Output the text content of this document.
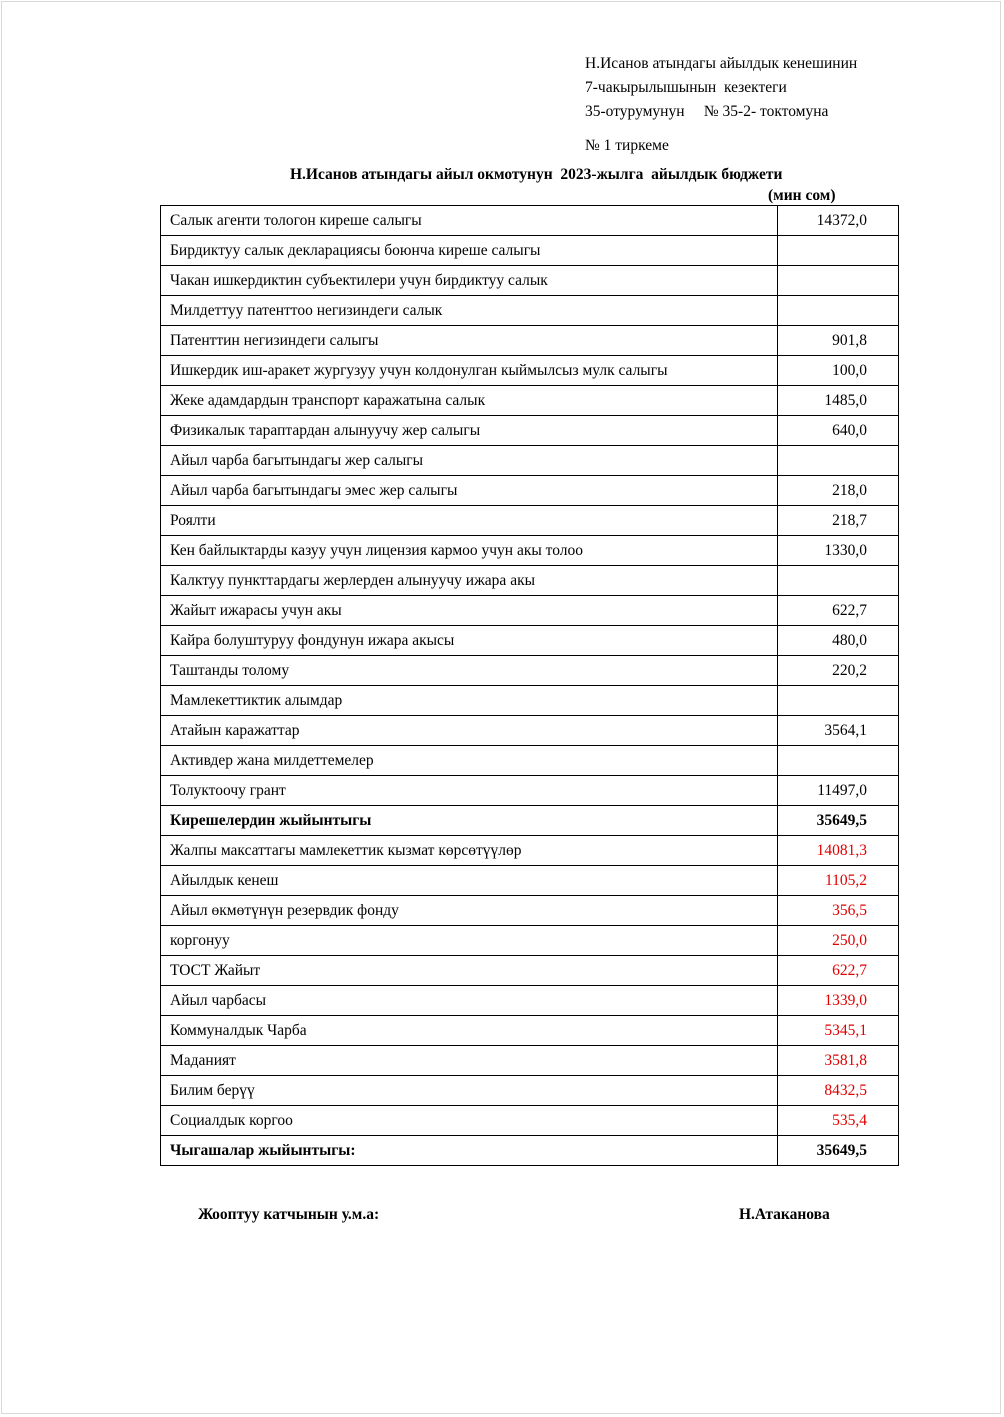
Н.Исанов атындагы айылдык кенешинин
7-чакырылышынын  кезектеги
35-отурумунун     № 35-2- токтомуна
№ 1 тиркеме
Н.Исанов атындагы айыл окмотунун  2023-жылга  айылдык бюджети
(мин сом)
Салык агенти тологон киреше салыгы	14372,0
Бирдиктуу салык декларациясы боюнча киреше салыгы	
Чакан ишкердиктин субъектилери учун бирдиктуу салык	
Милдеттуу патенттоо негизиндеги салык	
Патенттин негизиндеги салыгы	901,8
Ишкердик иш-аракет жургузуу учун колдонулган кыймылсыз мулк салыгы	100,0
Жеке адамдардын транспорт каражатына салык	1485,0
Физикалык тараптардан алынуучу жер салыгы	640,0
Айыл чарба багытындагы жер салыгы	
Айыл чарба багытындагы эмес жер салыгы	218,0
Роялти	218,7
Кен байлыктарды казуу учун лицензия кармоо учун акы толоо	1330,0
Калктуу пункттардагы жерлерден алынуучу ижара акы	
Жайыт ижарасы учун акы	622,7
Кайра болуштуруу фондунун ижара акысы	480,0
Таштанды толому	220,2
Мамлекеттиктик алымдар	
Атайын каражаттар	3564,1
Активдер жана милдеттемелер	
Толуктоочу грант	11497,0
Кирешелердин жыйынтыгы	35649,5
Жалпы максаттагы мамлекеттик кызмат көрсөтүүлөр	14081,3
Айылдык кенеш	1105,2
Айыл өкмөтүнүн резервдик фонду	356,5
коргонуу	250,0
ТОСТ Жайыт	622,7
Айыл чарбасы	1339,0
Коммуналдык Чарба	5345,1
Маданият	3581,8
Билим берүү	8432,5
Социалдык коргоо	535,4
Чыгашалар жыйынтыгы:	35649,5
Жоoптуу катчынын у.м.а:	Н.Атаканова
